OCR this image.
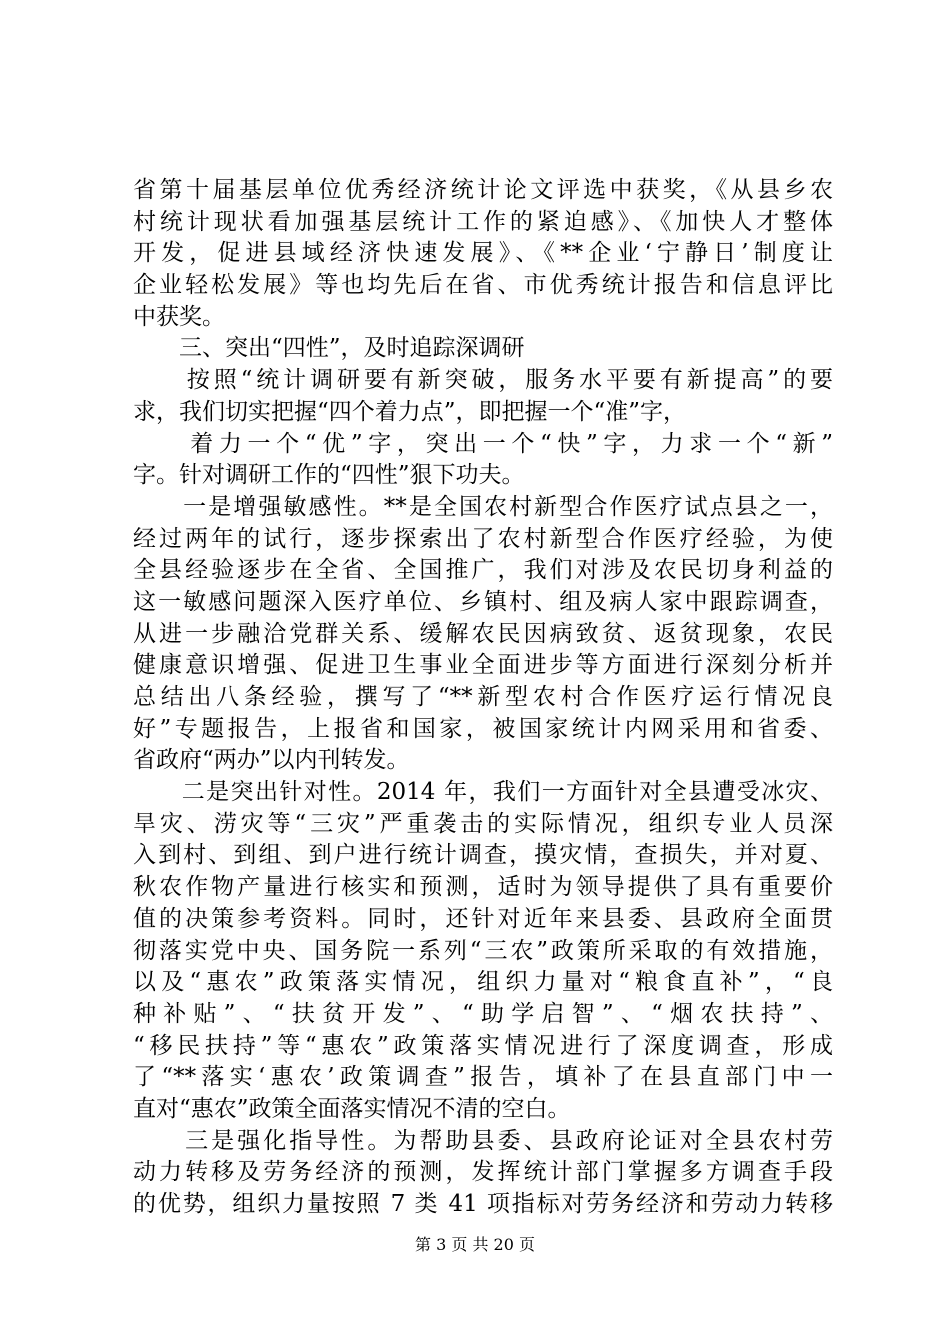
省第十届基层单位优秀经济统计论文评选中获奖，《从县乡农
村统计现状看加强基层统计工作的紧迫感》、《加快人才整体
开发，促进县域经济快速发展》、《**企业‘宁静日’制度让
企业轻松发展》等也均先后在省、市优秀统计报告和信息评比
中获奖。
　　三、突出“四性”，及时追踪深调研
　　按照“统计调研要有新突破，服务水平要有新提高”的要
求，我们切实把握“四个着力点”，即把握一个“准”字，
　　着力一个“优”字，突出一个“快”字，力求一个“新”
字。针对调研工作的“四性”狠下功夫。
　　一是增强敏感性。**是全国农村新型合作医疗试点县之一，
经过两年的试行，逐步探索出了农村新型合作医疗经验，为使
全县经验逐步在全省、全国推广，我们对涉及农民切身利益的
这一敏感问题深入医疗单位、乡镇村、组及病人家中跟踪调查，
从进一步融洽党群关系、缓解农民因病致贫、返贫现象，农民
健康意识增强、促进卫生事业全面进步等方面进行深刻分析并
总结出八条经验，撰写了“**新型农村合作医疗运行情况良
好”专题报告，上报省和国家，被国家统计内网采用和省委、
省政府“两办”以内刊转发。
　　二是突出针对性。2014 年，我们一方面针对全县遭受冰灾、
旱灾、涝灾等“三灾”严重袭击的实际情况，组织专业人员深
入到村、到组、到户进行统计调查，摸灾情，查损失，并对夏、
秋农作物产量进行核实和预测，适时为领导提供了具有重要价
值的决策参考资料。同时，还针对近年来县委、县政府全面贯
彻落实党中央、国务院一系列“三农”政策所采取的有效措施，
以及“惠农”政策落实情况，组织力量对“粮食直补”，“良
种补贴”、“扶贫开发”、“助学启智”、“烟农扶持”、
“移民扶持”等“惠农”政策落实情况进行了深度调查，形成
了“**落实‘惠农’政策调查”报告，填补了在县直部门中一
直对“惠农”政策全面落实情况不清的空白。
　　三是强化指导性。为帮助县委、县政府论证对全县农村劳
动力转移及劳务经济的预测，发挥统计部门掌握多方调查手段
的优势，组织力量按照 7 类 41 项指标对劳务经济和劳动力转移
第 3 页 共 20 页
